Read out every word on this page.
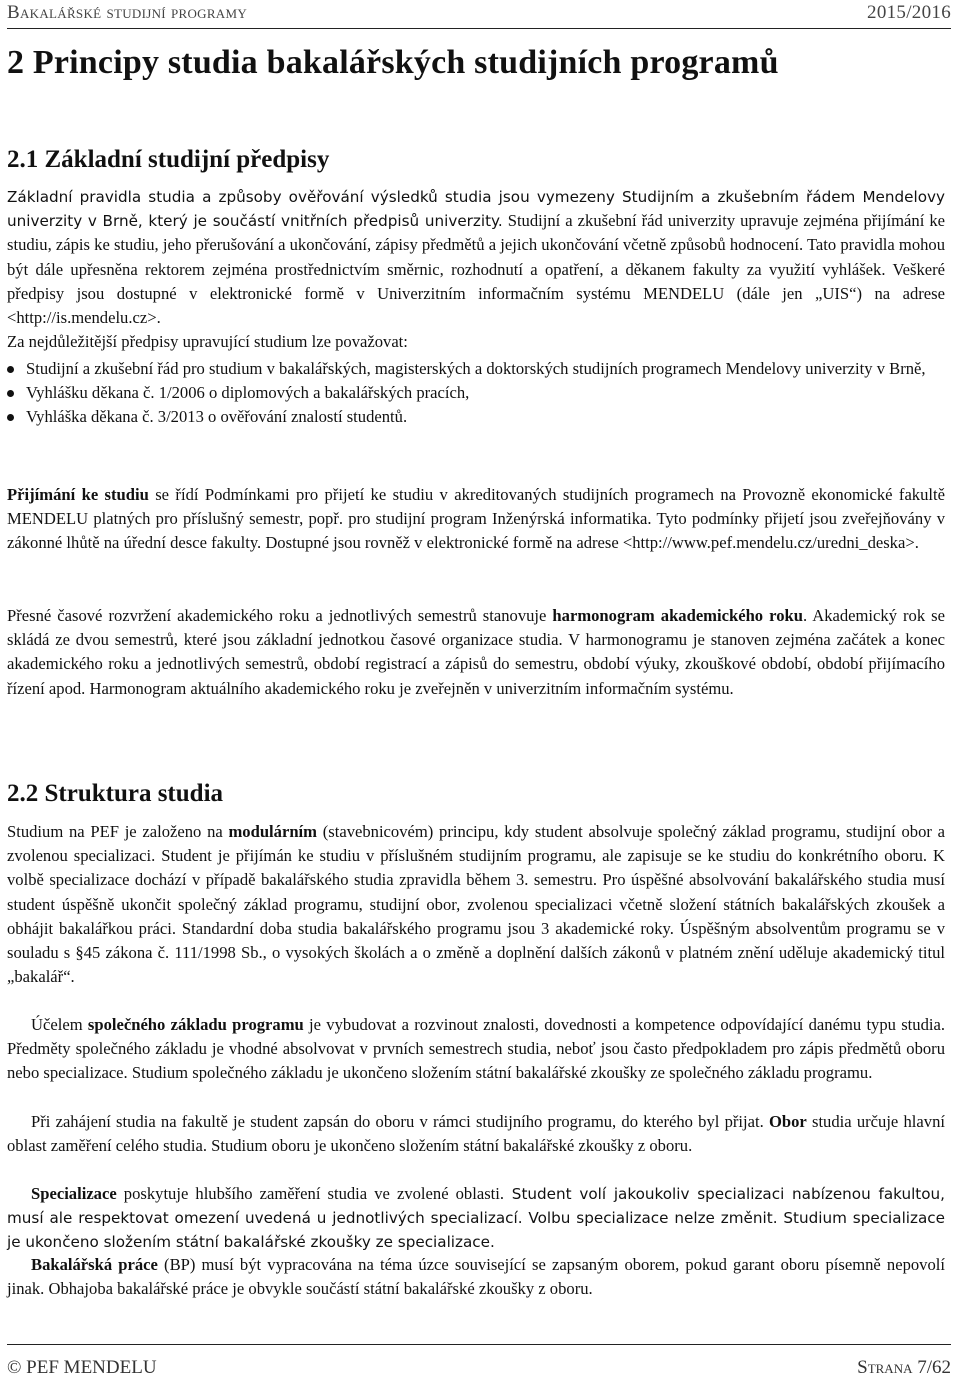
Bakalářské studijní programy	2015/2016
2 Principy studia bakalářských studijních programů
2.1 Základní studijní předpisy

Základní pravidla studia a způsoby ověřování výsledků studia jsou vymezeny Studijním a zkušebním řádem Mendelovy univerzity v Brně, který je součástí vnitřních předpisů univerzity. Studijní a zkušební řád univerzity upravuje zejména přijímání ke studiu, zápis ke studiu, jeho přerušování a ukončování, zápisy předmětů a jejich ukončování včetně způsobů hodnocení. Tato pravidla mohou být dále upřesněna rektorem zejména prostřednictvím směrnic, rozhodnutí a opatření, a děkanem fakulty za využití vyhlášek. Veškeré předpisy jsou dostupné v elektronické formě v Univerzitním informačním systému MENDELU (dále jen „UIS“) na adrese <http://is.mendelu.cz>.

Za nejdůležitější předpisy upravující studium lze považovat:

Studijní a zkušební řád pro studium v bakalářských, magisterských a doktorských studijních programech Mendelovy univerzity v Brně,
Vyhlášku děkana č. 1/2006 o diplomových a bakalářských pracích,
Vyhláška děkana č. 3/2013 o ověřování znalostí studentů.

Přijímání ke studiu se řídí Podmínkami pro přijetí ke studiu v akreditovaných studijních programech na Provozně ekonomické fakultě MENDELU platných pro příslušný semestr, popř. pro studijní program Inženýrská informatika. Tyto podmínky přijetí jsou zveřejňovány v zákonné lhůtě na úřední desce fakulty. Dostupné jsou rovněž v elektronické formě na adrese <http://www.pef.mendelu.cz/uredni_deska>.

Přesné časové rozvržení akademického roku a jednotlivých semestrů stanovuje harmonogram akademického roku. Akademický rok se skládá ze dvou semestrů, které jsou základní jednotkou časové organizace studia. V harmonogramu je stanoven zejména začátek a konec akademického roku a jednotlivých semestrů, období registrací a zápisů do semestru, období výuky, zkouškové období, období přijímacího řízení apod. Harmonogram aktuálního akademického roku je zveřejněn v univerzitním informačním systému.

2.2 Struktura studia

Studium na PEF je založeno na modulárním (stavebnicovém) principu, kdy student absolvuje společný základ programu, studijní obor a zvolenou specializaci. Student je přijímán ke studiu v příslušném studijním programu, ale zapisuje se ke studiu do konkrétního oboru. K volbě specializace dochází v případě bakalářského studia zpravidla během 3. semestru. Pro úspěšné absolvování bakalářského studia musí student úspěšně ukončit společný základ programu, studijní obor, zvolenou specializaci včetně složení státních bakalářských zkoušek a obhájit bakalářkou práci. Standardní doba studia bakalářského programu jsou 3 akademické roky. Úspěšným absolventům programu se v souladu s §45 zákona č. 111/1998 Sb., o vysokých školách a o změně a doplnění dalších zákonů v platném znění uděluje akademický titul „bakalář“.

Účelem společného základu programu je vybudovat a rozvinout znalosti, dovednosti a kompetence odpovídající danému typu studia. Předměty společného základu je vhodné absolvovat v prvních semestrech studia, neboť jsou často předpokladem pro zápis předmětů oboru nebo specializace. Studium společného základu je ukončeno složením státní bakalářské zkoušky ze společného základu programu.

Při zahájení studia na fakultě je student zapsán do oboru v rámci studijního programu, do kterého byl přijat. Obor studia určuje hlavní oblast zaměření celého studia. Studium oboru je ukončeno složením státní bakalářské zkoušky z oboru.

Specializace poskytuje hlubšího zaměření studia ve zvolené oblasti. Student volí jakoukoliv specializaci nabízenou fakultou, musí ale respektovat omezení uvedená u jednotlivých specializací. Volbu specializace nelze změnit. Studium specializace je ukončeno složením státní bakalářské zkoušky ze specializace.

Bakalářská práce (BP) musí být vypracována na téma úzce související se zapsaným oborem, pokud garant oboru písemně nepovolí jinak. Obhajoba bakalářské práce je obvykle součástí státní bakalářské zkoušky z oboru.

© PEF MENDELU	Strana 7/62
